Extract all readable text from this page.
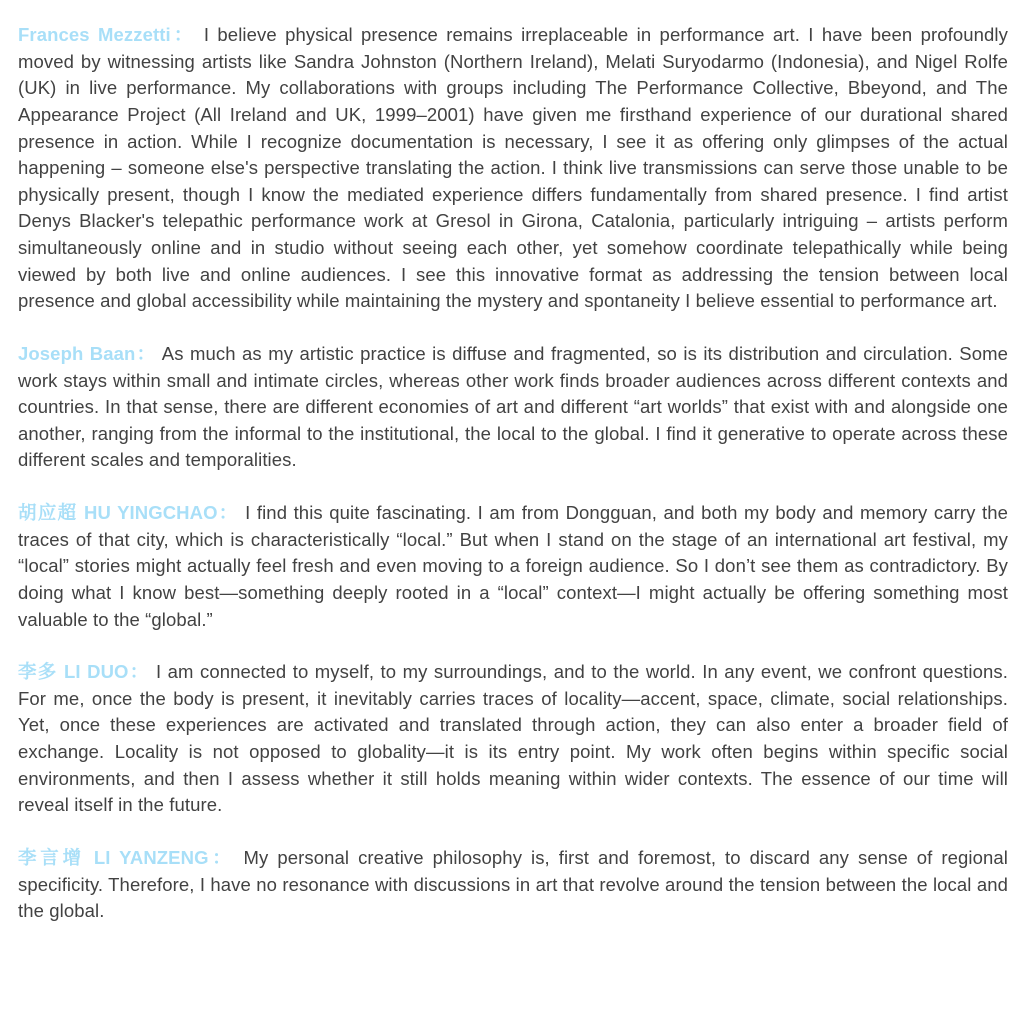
Frances Mezzetti： I believe physical presence remains irreplaceable in performance art. I have been profoundly moved by witnessing artists like Sandra Johnston (Northern Ireland), Melati Suryodarmo (Indonesia), and Nigel Rolfe (UK) in live performance. My collaborations with groups including The Performance Collective, Bbeyond, and The Appearance Project (All Ireland and UK, 1999–2001) have given me firsthand experience of our durational shared presence in action. While I recognize documentation is necessary, I see it as offering only glimpses of the actual happening – someone else's perspective translating the action. I think live transmissions can serve those unable to be physically present, though I know the mediated experience differs fundamentally from shared presence. I find artist Denys Blacker's telepathic performance work at Gresol in Girona, Catalonia, particularly intriguing – artists perform simultaneously online and in studio without seeing each other, yet somehow coordinate telepathically while being viewed by both live and online audiences. I see this innovative format as addressing the tension between local presence and global accessibility while maintaining the mystery and spontaneity I believe essential to performance art.

Joseph Baan： As much as my artistic practice is diffuse and fragmented, so is its distribution and circulation. Some work stays within small and intimate circles, whereas other work finds broader audiences across different contexts and countries. In that sense, there are different economies of art and different “art worlds” that exist with and alongside one another, ranging from the informal to the institutional, the local to the global. I find it generative to operate across these different scales and temporalities.

胡应超 HU YINGCHAO： I find this quite fascinating. I am from Dongguan, and both my body and memory carry the traces of that city, which is characteristically “local.” But when I stand on the stage of an international art festival, my “local” stories might actually feel fresh and even moving to a foreign audience. So I don’t see them as contradictory. By doing what I know best—something deeply rooted in a “local” context—I might actually be offering something most valuable to the “global.”

李多 LI DUO： I am connected to myself, to my surroundings, and to the world. In any event, we confront questions. For me, once the body is present, it inevitably carries traces of locality—accent, space, climate, social relationships. Yet, once these experiences are activated and translated through action, they can also enter a broader field of exchange. Locality is not opposed to globality—it is its entry point. My work often begins within specific social environments, and then I assess whether it still holds meaning within wider contexts. The essence of our time will reveal itself in the future.

李言增 LI YANZENG： My personal creative philosophy is, first and foremost, to discard any sense of regional specificity. Therefore, I have no resonance with discussions in art that revolve around the tension between the local and the global.
